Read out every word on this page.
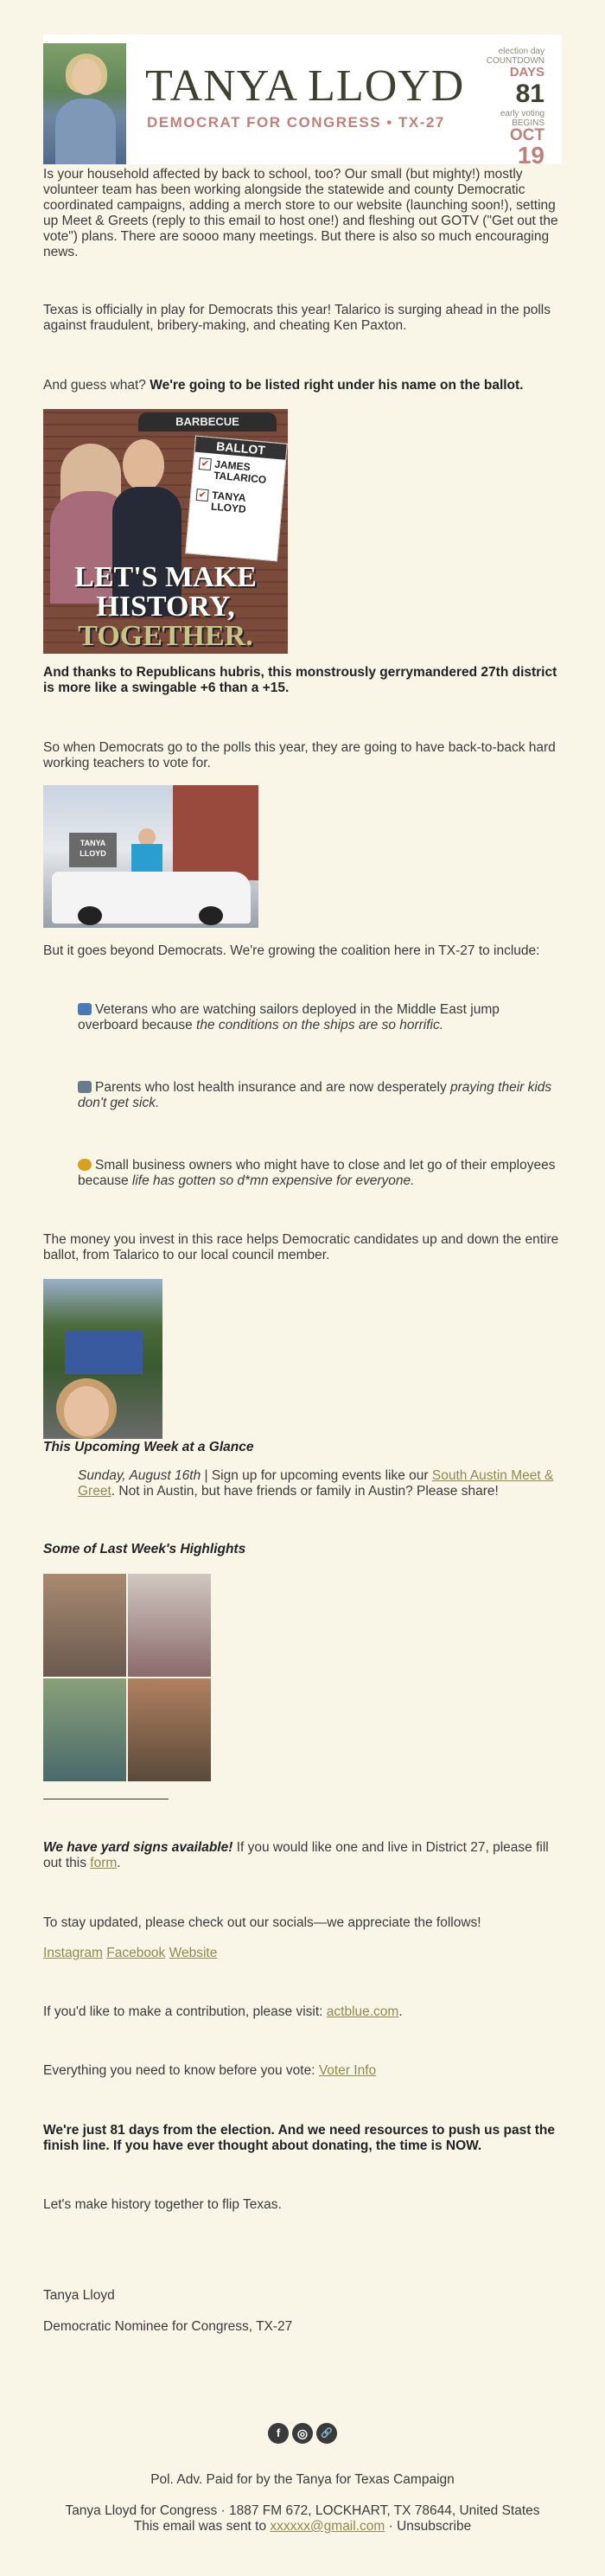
TANYA LLOYD
DEMOCRAT FOR CONGRESS • TX-27
election day
COUNTDOWN
DAYS
81
early voting
BEGINS
OCT
19

Is your household affected by back to school, too? Our small (but mighty!) mostly volunteer team has been working alongside the statewide and county Democratic coordinated campaigns, adding a merch store to our website (launching soon!), setting up Meet & Greets (reply to this email to host one!) and fleshing out GOTV ("Get out the vote") plans. There are soooo many meetings. But there is also so much encouraging news.

Texas is officially in play for Democrats this year! Talarico is surging ahead in the polls against fraudulent, bribery-making, and cheating Ken Paxton.

And guess what? We're going to be listed right under his name on the ballot.

BARBECUE
BALLOT
JAMES
TALARICO
TANYA
LLOYD
✔
✔
LET'S MAKE
HISTORY,
TOGETHER.

And thanks to Republicans hubris, this monstrously gerrymandered 27th district is more like a swingable +6 than a +15.

So when Democrats go to the polls this year, they are going to have back-to-back hard working teachers to vote for.

TANYA LLOYD

But it goes beyond Democrats. We're growing the coalition here in TX-27 to include:

Veterans who are watching sailors deployed in the Middle East jump overboard because the conditions on the ships are so horrific.
Parents who lost health insurance and are now desperately praying their kids don't get sick.
Small business owners who might have to close and let go of their employees because life has gotten so d*mn expensive for everyone.

The money you invest in this race helps Democratic candidates up and down the entire ballot, from Talarico to our local council member.

This Upcoming Week at a Glance
Sunday, August 16th | Sign up for upcoming events like our South Austin Meet & Greet. Not in Austin, but have friends or family in Austin? Please share!
Some of Last Week's Highlights

We have yard signs available! If you would like one and live in District 27, please fill out this form.

To stay updated, please check out our socials—we appreciate the follows!

Instagram Facebook Website

If you'd like to make a contribution, please visit: actblue.com.

Everything you need to know before you vote: Voter Info

We're just 81 days from the election. And we need resources to push us past the finish line. If you have ever thought about donating, the time is NOW.

Let's make history together to flip Texas.

Tanya Lloyd

Democratic Nominee for Congress, TX-27

f	◎	🔗
Pol. Adv. Paid for by the Tanya for Texas Campaign
Tanya Lloyd for Congress · 1887 FM 672, LOCKHART, TX 78644, United States
This email was sent to xxxxxx@gmail.com · Unsubscribe
